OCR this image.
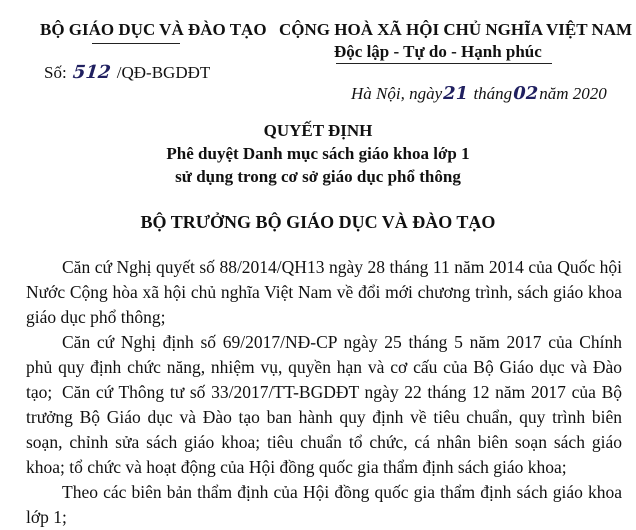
BỘ GIÁO DỤC VÀ ĐÀO TẠO
Số: 512 /QĐ-BGDĐT
CỘNG HOÀ XÃ HỘI CHỦ NGHĨA VIỆT NAM
Độc lập - Tự do - Hạnh phúc
Hà Nội, ngày21 tháng02năm 2020
QUYẾT ĐỊNH
Phê duyệt Danh mục sách giáo khoa lớp 1
sử dụng trong cơ sở giáo dục phổ thông
BỘ TRƯỞNG BỘ GIÁO DỤC VÀ ĐÀO TẠO
Căn cứ Nghị quyết số 88/2014/QH13 ngày 28 tháng 11 năm 2014 của Quốc hội Nước Cộng hòa xã hội chủ nghĩa Việt Nam về đổi mới chương trình, sách giáo khoa giáo dục phổ thông;
Căn cứ Nghị định số 69/2017/NĐ-CP ngày 25 tháng 5 năm 2017 của Chính phủ quy định chức năng, nhiệm vụ, quyền hạn và cơ cấu của Bộ Giáo dục và Đào tạo; Căn cứ Thông tư số 33/2017/TT-BGDĐT ngày 22 tháng 12 năm 2017 của Bộ trưởng Bộ Giáo dục và Đào tạo ban hành quy định về tiêu chuẩn, quy trình biên soạn, chỉnh sửa sách giáo khoa; tiêu chuẩn tổ chức, cá nhân biên soạn sách giáo khoa; tổ chức và hoạt động của Hội đồng quốc gia thẩm định sách giáo khoa;
Theo các biên bản thẩm định của Hội đồng quốc gia thẩm định sách giáo khoa lớp 1;
